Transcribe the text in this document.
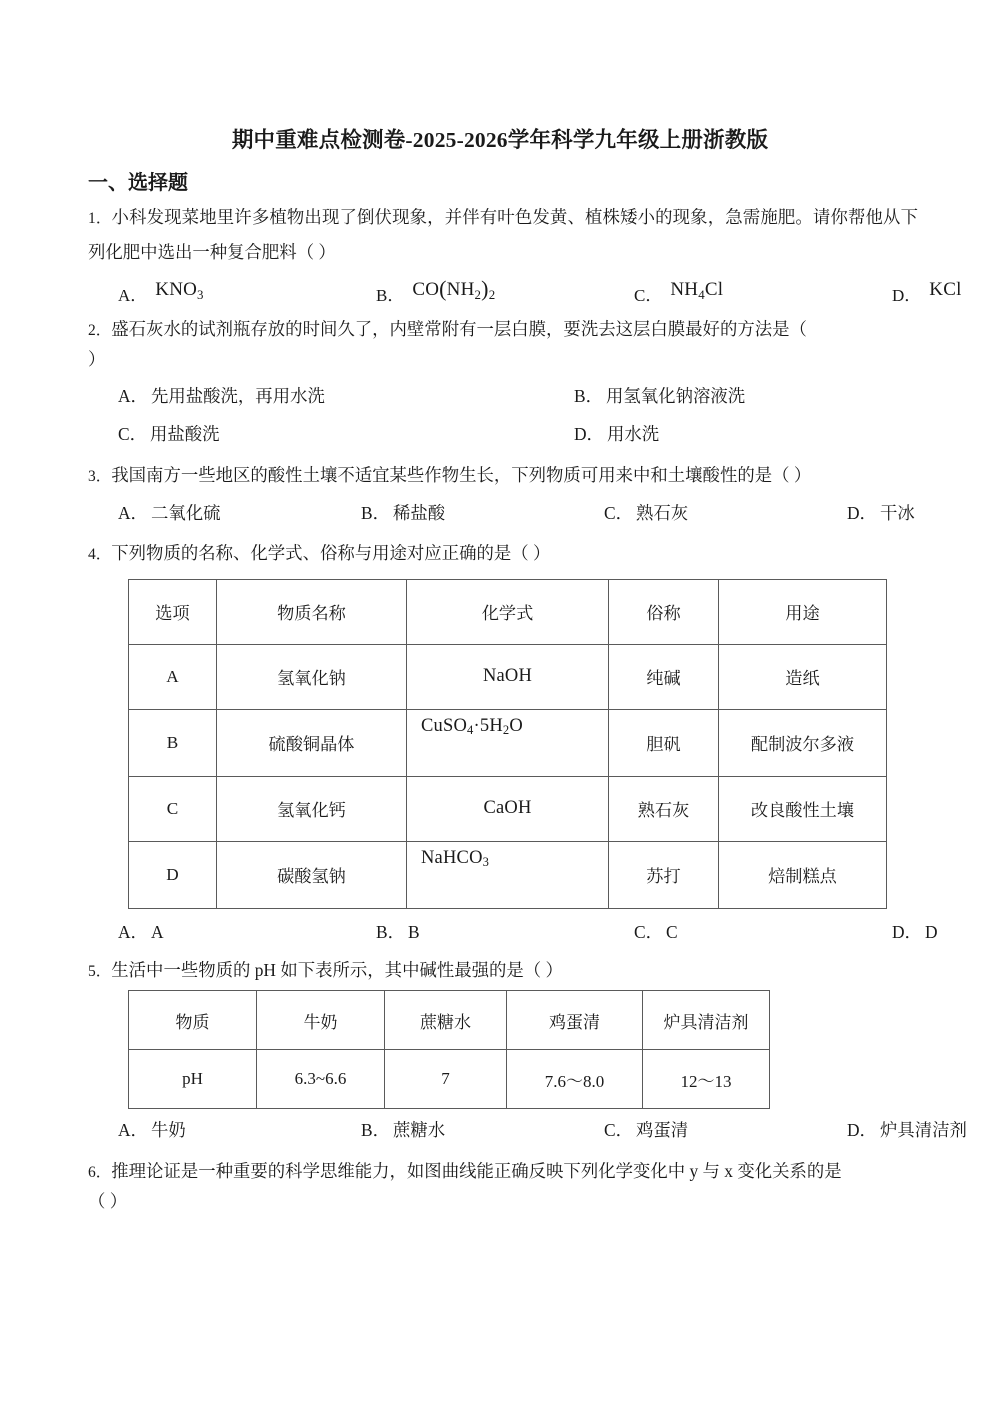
期中重难点检测卷-2025-2026学年科学九年级上册浙教版
一、选择题
1．小科发现菜地里许多植物出现了倒伏现象，并伴有叶色发黄、植株矮小的现象，急需施肥。请你帮他从下列化肥中选出一种复合肥料（ ）
A． $KNO_3$	B． $CO(NH_2)_2$	C． $NH_4Cl$	D． KCl
2．盛石灰水的试剂瓶存放的时间久了，内壁常附有一层白膜，要洗去这层白膜最好的方法是（
）
A． 先用盐酸洗，再用水洗	B． 用氢氧化钠溶液洗
C． 用盐酸洗	D． 用水洗
3．我国南方一些地区的酸性土壤不适宜某些作物生长，下列物质可用来中和土壤酸性的是（ ）
A． 二氧化硫	B． 稀盐酸	C． 熟石灰	D． 干冰
4．下列物质的名称、化学式、俗称与用途对应正确的是（ ）
选项	物质名称	化学式	俗称	用途
A	氢氧化钠	NaOH	纯碱	造纸
B	硫酸铜晶体	$CuSO_4\cdot 5H_2O$	胆矾	配制波尔多液
C	氢氧化钙	CaOH	熟石灰	改良酸性土壤
D	碳酸氢钠	NaHCO$_3$	苏打	焙制糕点
A． A	B． B	C． C	D． D
5．生活中一些物质的 pH 如下表所示，其中碱性最强的是（ ）
物质	牛奶	蔗糖水	鸡蛋清	炉具清洁剂
pH	6.3~6.6	7	7.6～8.0	12～13
A． 牛奶	B． 蔗糖水	C． 鸡蛋清	D． 炉具清洁剂
6．推理论证是一种重要的科学思维能力，如图曲线能正确反映下列化学变化中 y 与 x 变化关系的是
（ ）
